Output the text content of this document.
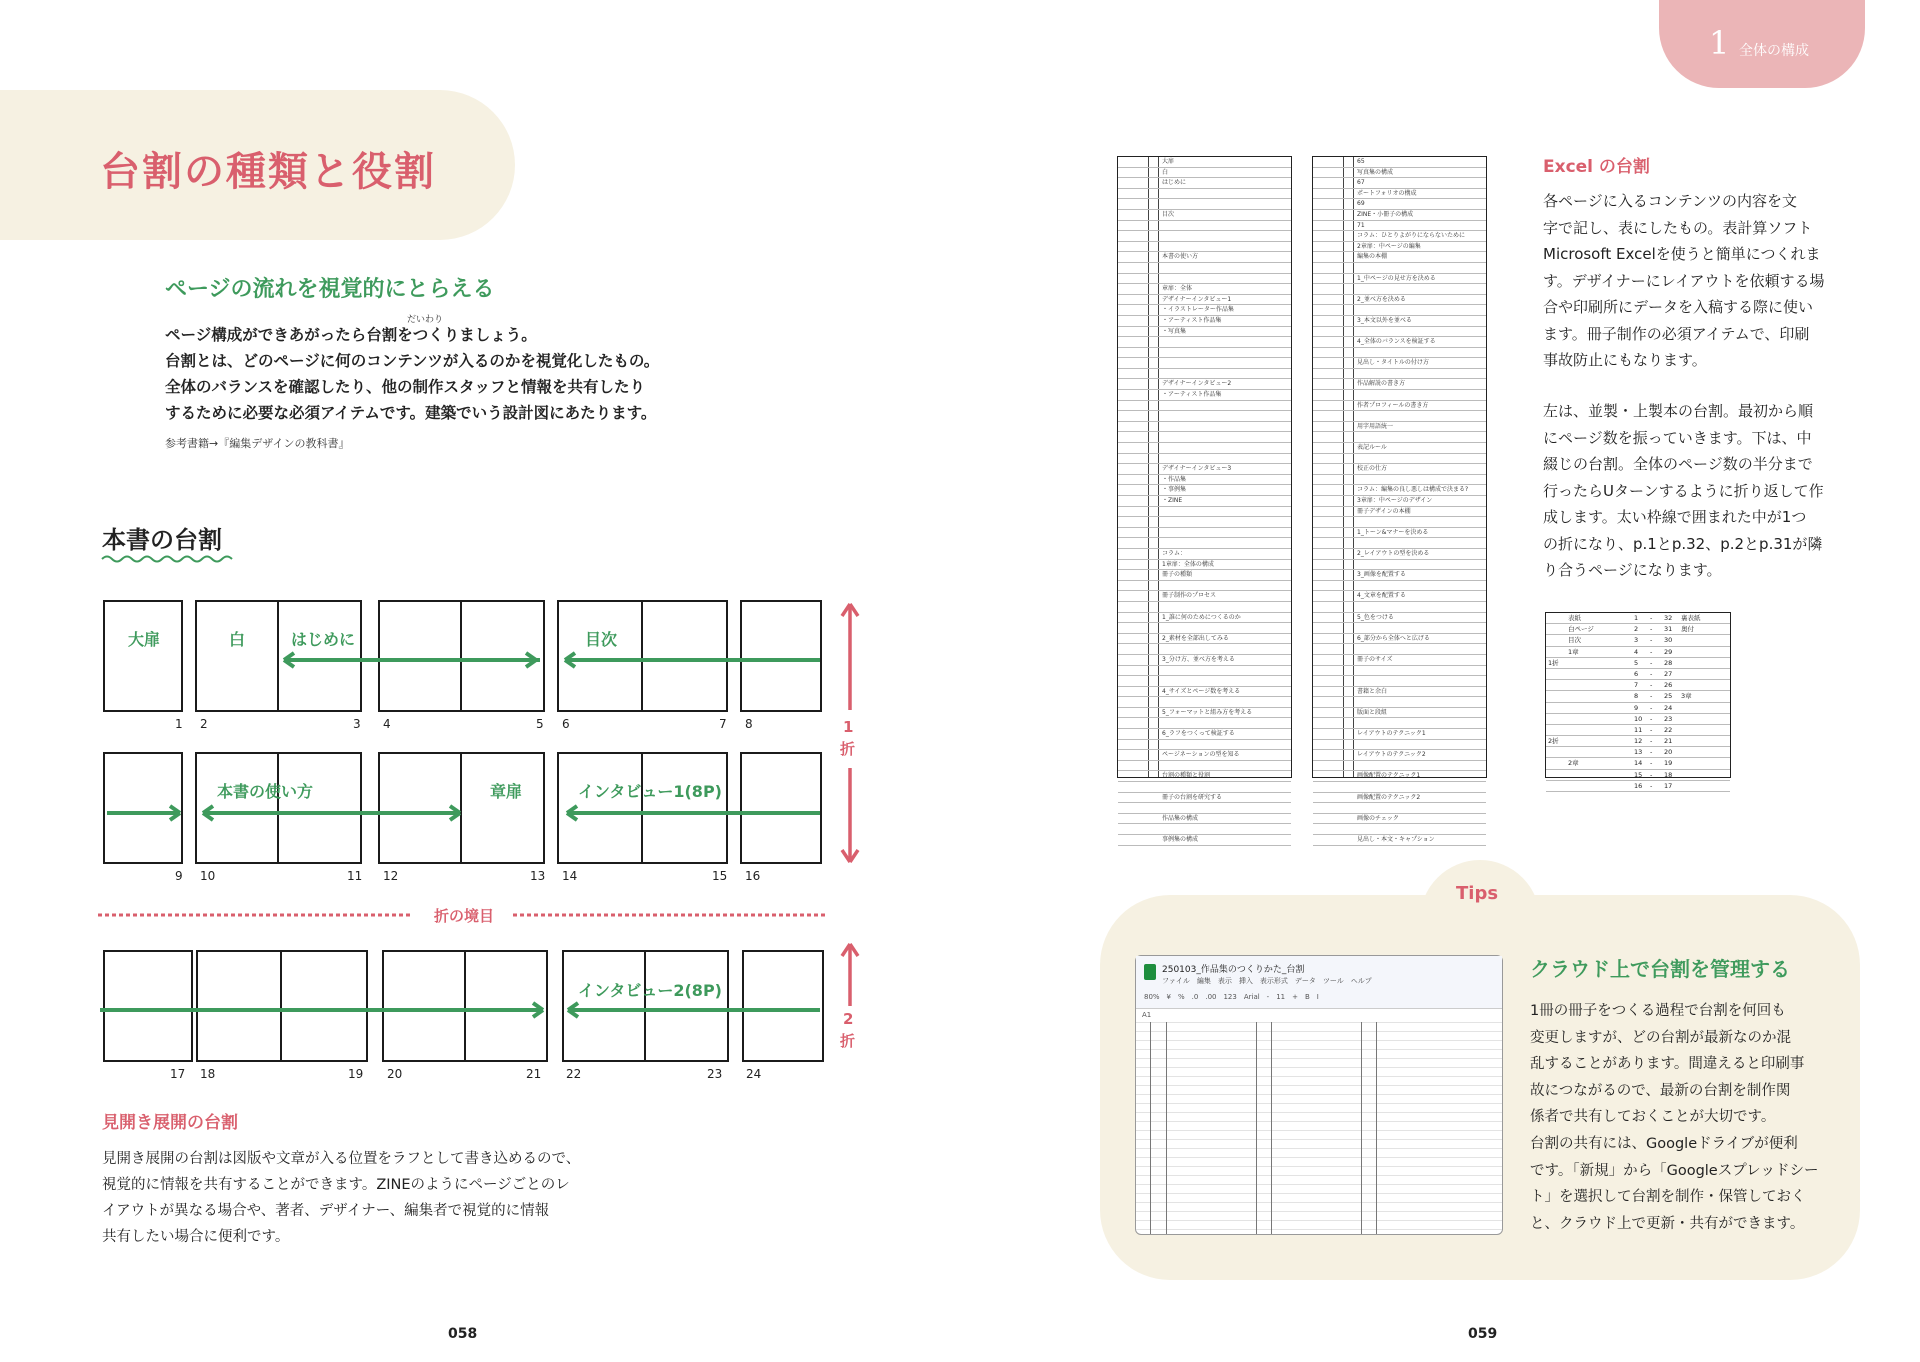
台割の種類と役割
ページの流れを視覚的にとらえる
だいわり
ページ構成ができあがったら台割をつくりましょう。
台割とは、どのページに何のコンテンツが入るのかを視覚化したもの。
全体のバランスを確認したり、他の制作スタッフと情報を共有したり
するために必要な必須アイテムです。建築でいう設計図にあたります。
参考書籍→『編集デザインの教科書』
本書の台割
大扉	白	はじめに	目次
1 2	3 4	5 6	7 8
本書の使い方	章扉	インタビュー1(8P)
9 10	11 12	13 14	15 16
1
折
折の境目
インタビュー2(8P)
17 18	19 20	21 22	23 24
2
折
見開き展開の台割
見開き展開の台割は図版や文章が入る位置をラフとして書き込めるので、
視覚的に情報を共有することができます。ZINEのようにページごとのレ
イアウトが異なる場合や、著者、デザイナー、編集者で視覚的に情報
共有したい場合に便利です。
058
1 全体の構成
大扉
白
はじめに
目次
本書の使い方
章扉：全体
デザイナーインタビュー1
・イラストレーター作品集
・アーティスト作品集
・写真集
デザイナーインタビュー2
・アーティスト作品集
デザイナーインタビュー3
・作品集
・事例集
・ZINE
コラム：
1章扉：全体の構成
冊子の種類
冊子制作のプロセス
1_誰に何のためにつくるのか
2_素材を全部出してみる
3_分け方、並べ方を考える
4_サイズとページ数を考える
5_フォーマットと組み方を考える
6_ラフをつくって検証する
ページネーションの型を知る
台割の種類と役割
冊子の台割を研究する
作品集の構成
事例集の構成
65
写真集の構成
67
ポートフォリオの構成
69
ZINE・小冊子の構成
71
コラム：ひとりよがりにならないために
2章扉：中ページの編集
編集の本棚
1_中ページの見せ方を決める
2_並べ方を決める
3_本文以外を並べる
4_全体のバランスを検証する
見出し・タイトルの付け方
作品解説の書き方
作者プロフィールの書き方
用字用語統一
表記ルール
校正の仕方
コラム：編集の良し悪しは構成で決まる?
3章扉：中ページのデザイン
冊子デザインの本棚
1_トーン&マナーを決める
2_レイアウトの型を決める
3_画像を配置する
4_文章を配置する
5_色をつける
6_部分から全体へと広げる
冊子のサイズ
書籍と余白
版面と段組
レイアウトのテクニック1
レイアウトのテクニック2
画像配置のテクニック1
画像配置のテクニック2
画像のチェック
見出し・本文・キャプション
Excel の台割
各ページに入るコンテンツの内容を文
字で記し、表にしたもの。表計算ソフト
Microsoft Excelを使うと簡単につくれま
す。デザイナーにレイアウトを依頼する場
合や印刷所にデータを入稿する際に使い
ます。冊子制作の必須アイテムで、印刷
事故防止にもなります。
左は、並製・上製本の台割。最初から順
にページ数を振っていきます。下は、中
綴じの台割。全体のページ数の半分まで
行ったらUターンするように折り返して作
成します。太い枠線で囲まれた中が1つ
の折になり、p.1とp.32、p.2とp.31が隣
り合うページになります。
表紙	1 - 32 裏表紙
白ページ	2 - 31 奥付
目次	3 - 30
1章	4 - 29
5 - 28
1折
6 - 27
7 - 26
8 - 25 3章
9 - 24
10 - 23
11 - 22
12 - 21
2折
13 - 20
2章	14 - 19
15 - 18
16 - 17
Tips
250103_作品集のつくりかた_台割
ファイル　編集　表示　挿入　表示形式　データ　ツール　ヘルプ
80%　¥　%　.0　.00　123　Arial　-　11　+　B　I
A1
クラウド上で台割を管理する
1冊の冊子をつくる過程で台割を何回も
変更しますが、どの台割が最新なのか混
乱することがあります。間違えると印刷事
故につながるので、最新の台割を制作関
係者で共有しておくことが大切です。
台割の共有には、Googleドライブが便利
です。「新規」から「Googleスプレッドシー
ト」を選択して台割を制作・保管しておく
と、クラウド上で更新・共有ができます。
059
